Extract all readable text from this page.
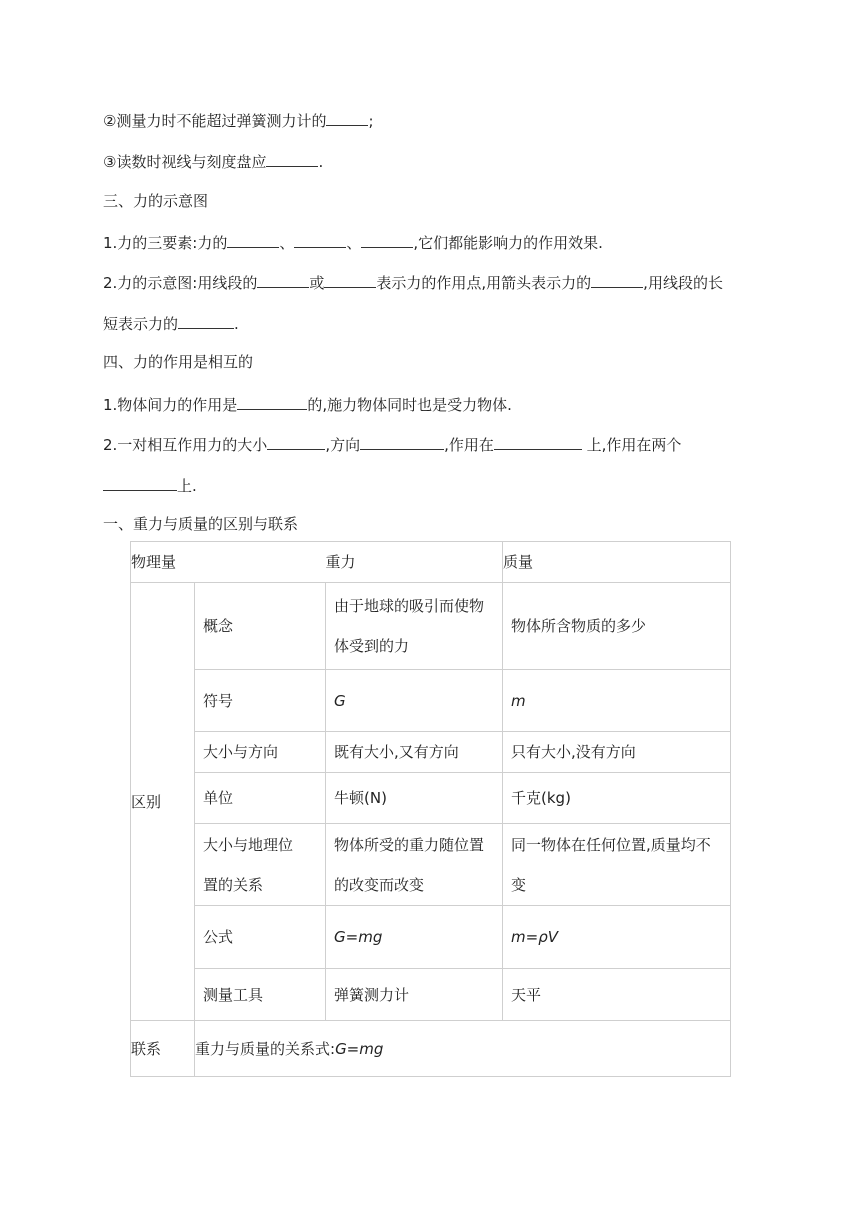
②测量力时不能超过弹簧测力计的	;
③读数时视线与刻度盘应	.
三、力的示意图
1.力的三要素:力的	、	、	,它们都能影响力的作用效果.
2.力的示意图:用线段的	或	表示力的作用点,用箭头表示力的	,用线段的长
短表示力的	.
四、力的作用是相互的
1.物体间力的作用是	的,施力物体同时也是受力物体.
2.一对相互作用力的大小	,方向	,作用在	上,作用在两个
上.
一、重力与质量的区别与联系
物理量		重力	质量

区别	概念	由于地球的吸引而使物体受到的力	物体所含物质的多少

	符号	G	m

	大小与方向	既有大小,又有方向	只有大小,没有方向

	单位	牛顿(N)	千克(kg)

	大小与地理位置的关系	物体所受的重力随位置的改变而改变	同一物体在任何位置,质量均不变

	公式	G=mg	m=ρV

	测量工具	弹簧测力计	天平

联系	重力与质量的关系式:G=mg		
